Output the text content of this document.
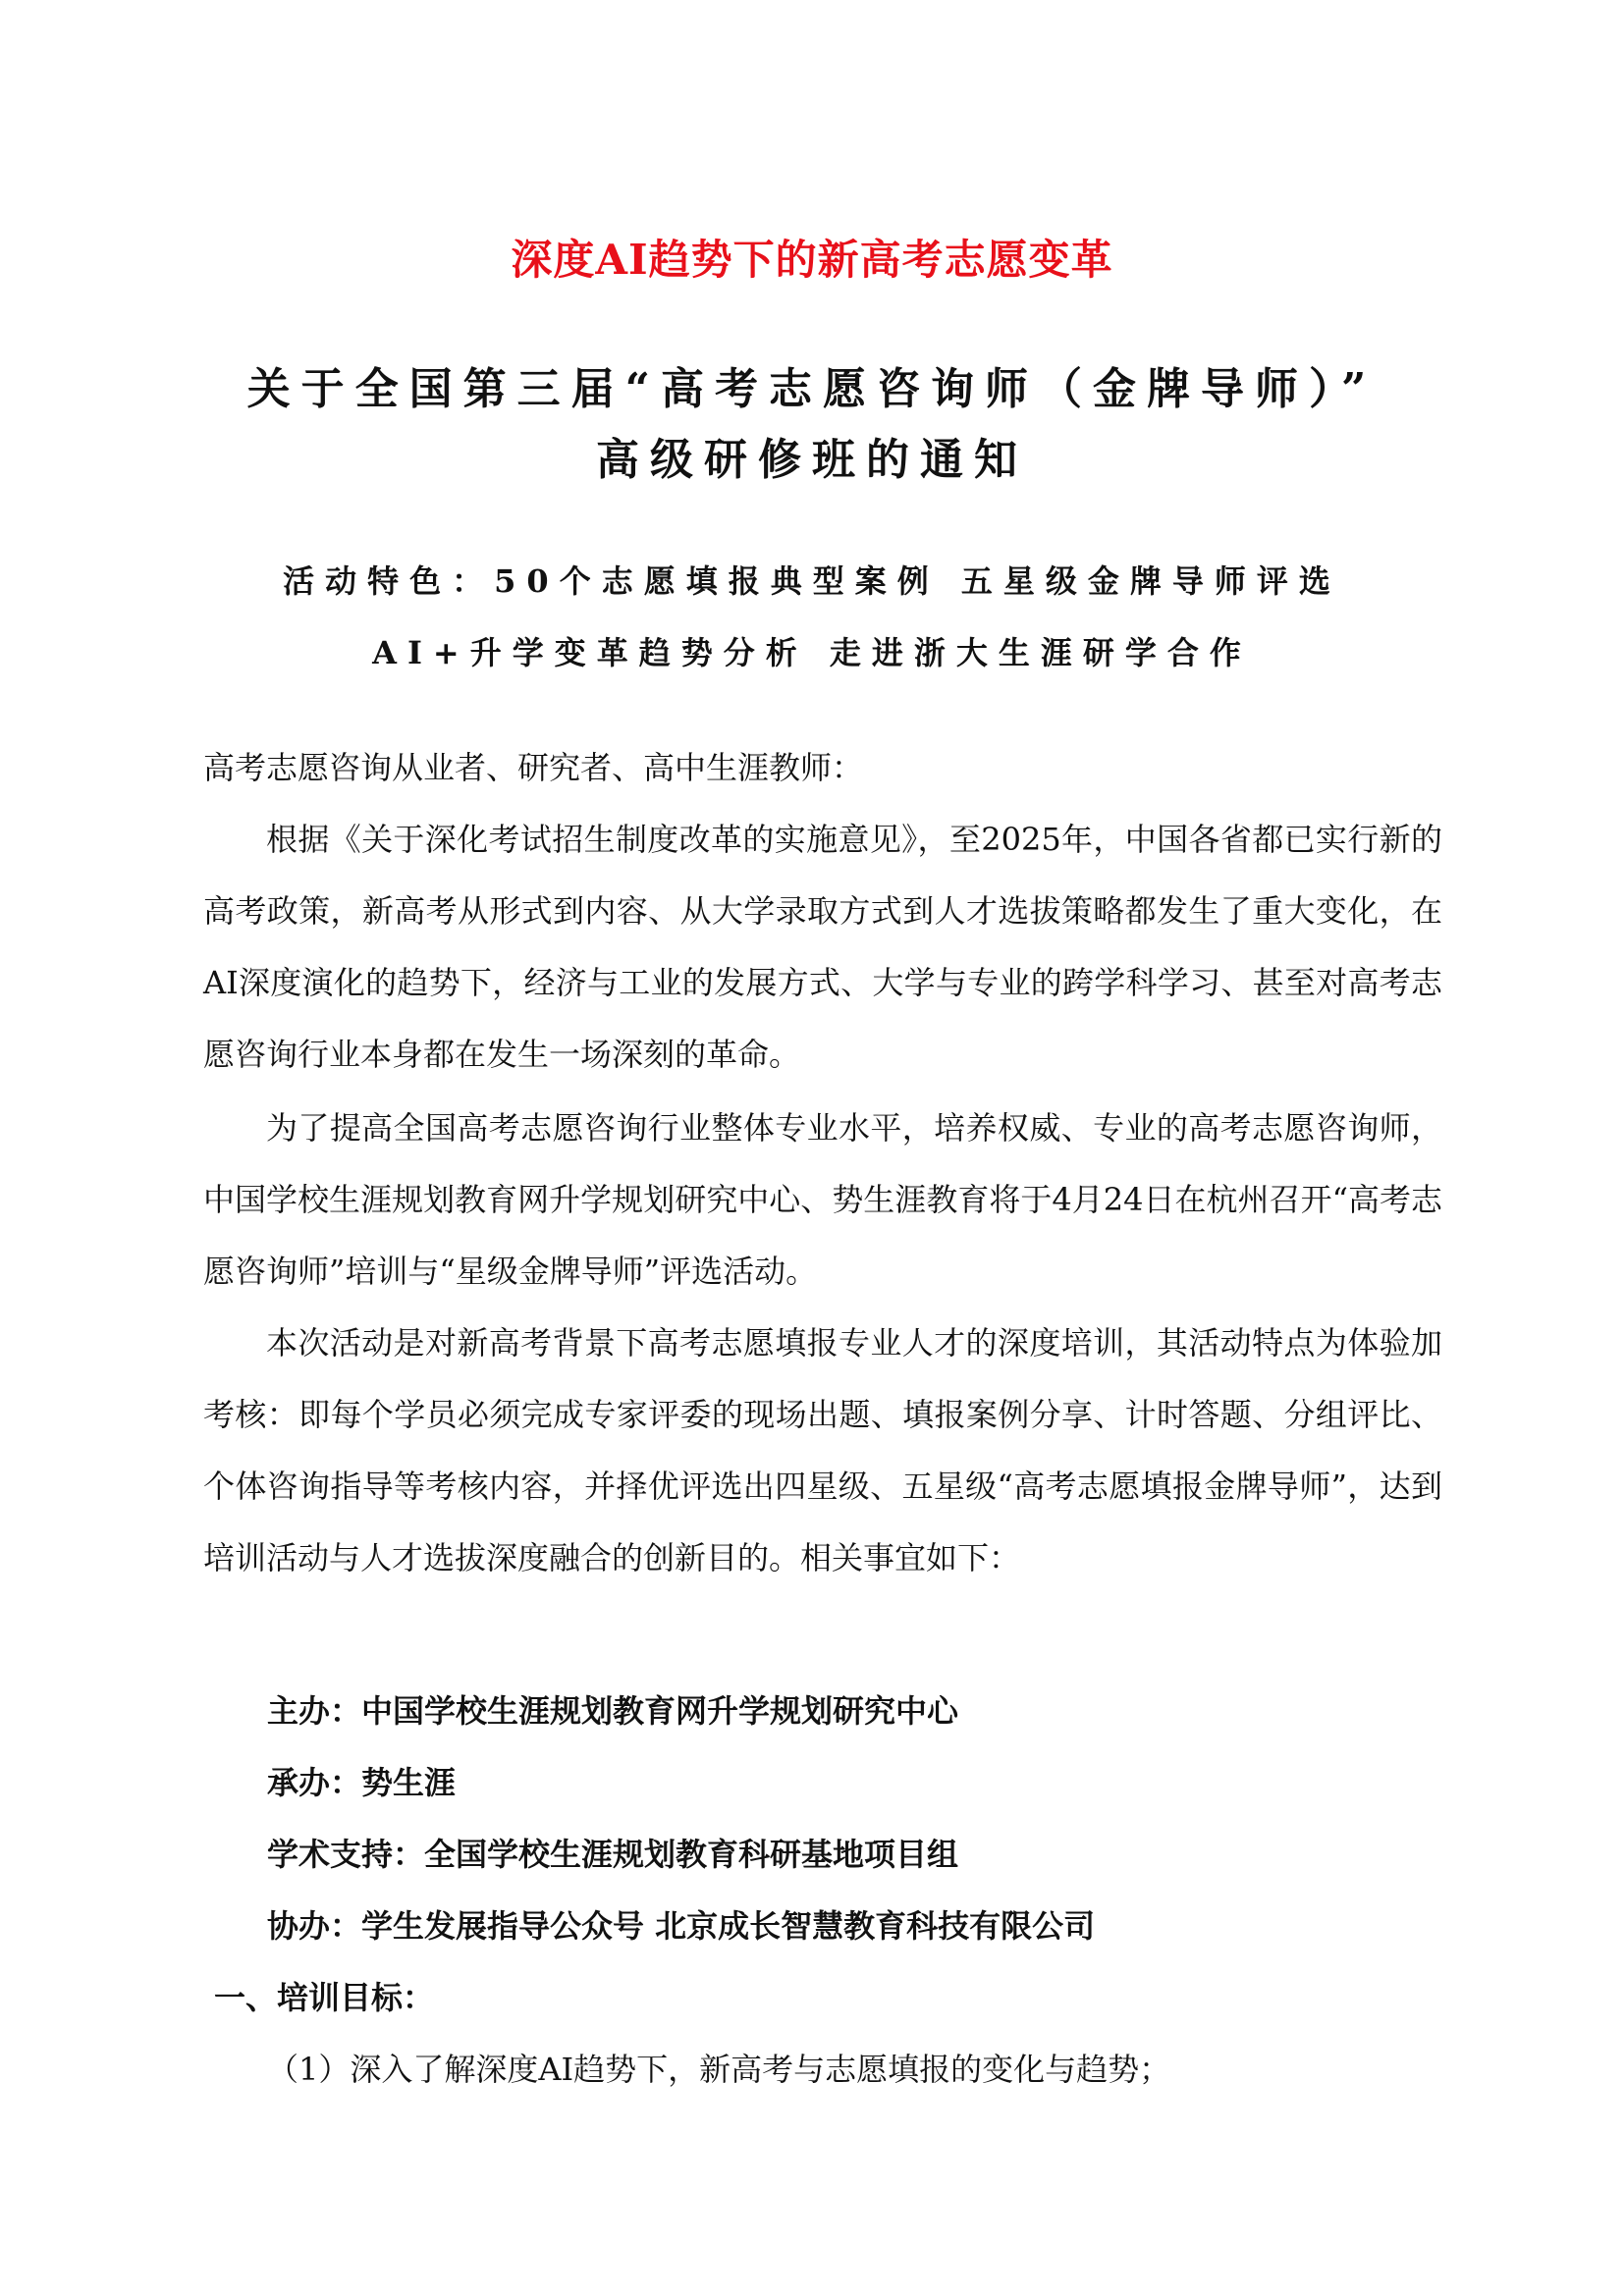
深度AI趋势下的新高考志愿变革
关于全国第三届“高考志愿咨询师（金牌导师）”
高级研修班的通知
活动特色：50个志愿填报典型案例 五星级金牌导师评选
AI+升学变革趋势分析 走进浙大生涯研学合作
高考志愿咨询从业者、研究者、高中生涯教师：
根据《关于深化考试招生制度改革的实施意见》，至2025年，中国各省都已实行新的高考政策，新高考从形式到内容、从大学录取方式到人才选拔策略都发生了重大变化，在AI深度演化的趋势下，经济与工业的发展方式、大学与专业的跨学科学习、甚至对高考志愿咨询行业本身都在发生一场深刻的革命。
为了提高全国高考志愿咨询行业整体专业水平，培养权威、专业的高考志愿咨询师，中国学校生涯规划教育网升学规划研究中心、势生涯教育将于4月24日在杭州召开“高考志愿咨询师”培训与“星级金牌导师”评选活动。
本次活动是对新高考背景下高考志愿填报专业人才的深度培训，其活动特点为体验加考核：即每个学员必须完成专家评委的现场出题、填报案例分享、计时答题、分组评比、个体咨询指导等考核内容，并择优评选出四星级、五星级“高考志愿填报金牌导师”，达到培训活动与人才选拔深度融合的创新目的。相关事宜如下：
主办：中国学校生涯规划教育网升学规划研究中心
承办：势生涯
学术支持：全国学校生涯规划教育科研基地项目组
协办：学生发展指导公众号 北京成长智慧教育科技有限公司
一、培训目标：
（1）深入了解深度AI趋势下，新高考与志愿填报的变化与趋势；
